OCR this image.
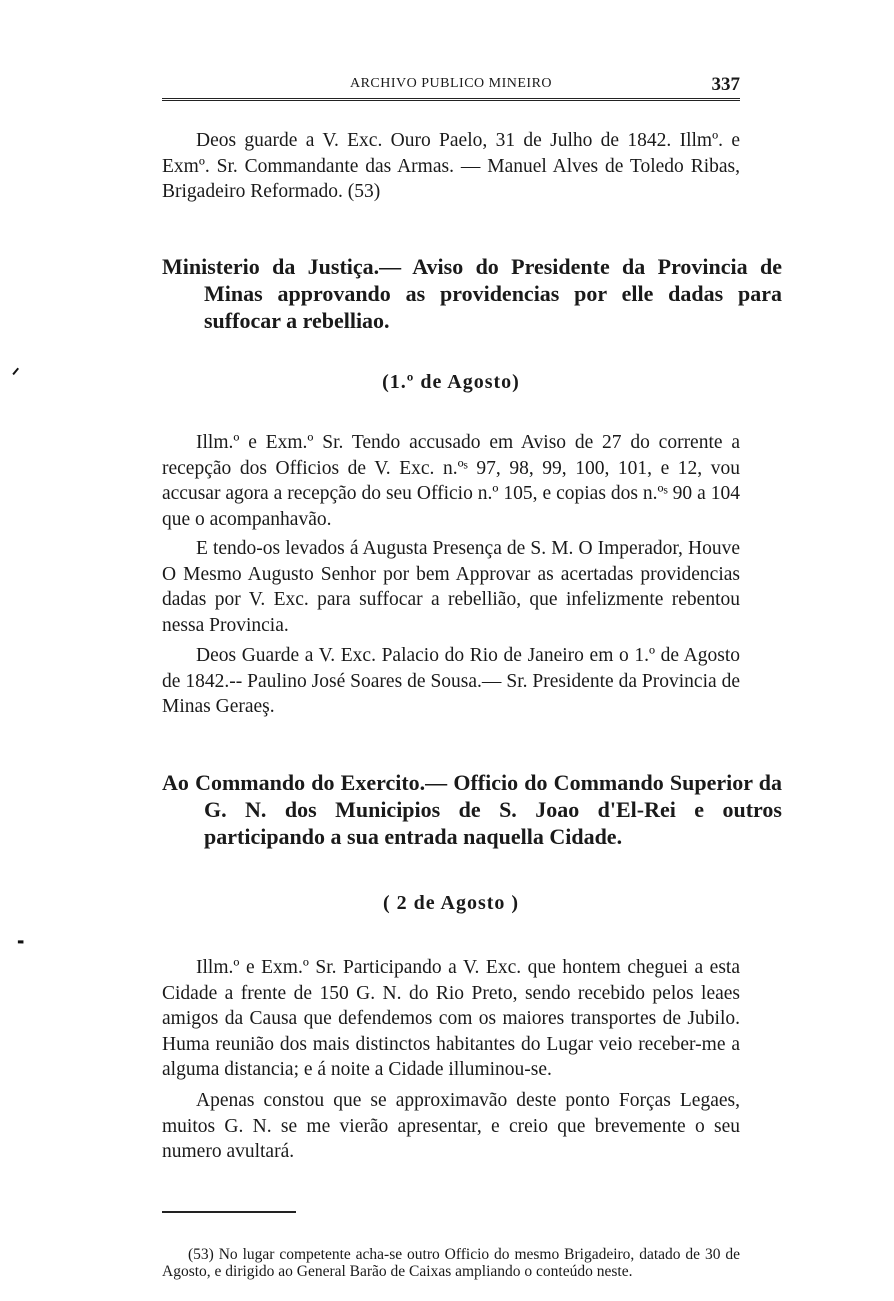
ARCHIVO PUBLICO MINEIRO	337

Deos guarde a V. Exc. Ouro Paelo, 31 de Julho de 1842. Illmº. e Exmº. Sr. Commandante das Armas. — Manuel Alves de Toledo Ribas, Brigadeiro Reformado. (53)

Ministerio da Justiça.— Aviso do Presidente da Provincia de Minas approvando as providencias por elle dadas para suffocar a rebelliao.

(1.º de Agosto)

Illm.º e Exm.º Sr. Tendo accusado em Aviso de 27 do corrente a recepção dos Officios de V. Exc. n.ºˢ 97, 98, 99, 100, 101, e 12, vou accusar agora a recepção do seu Officio n.º 105, e copias dos n.ºˢ 90 a 104 que o acompanhavão.

E tendo-os levados á Augusta Presença de S. M. O Imperador, Houve O Mesmo Augusto Senhor por bem Approvar as acertadas providencias dadas por V. Exc. para suffocar a rebellião, que infelizmente rebentou nessa Provincia.

Deos Guarde a V. Exc. Palacio do Rio de Janeiro em o 1.º de Agosto de 1842.-- Paulino José Soares de Sousa.— Sr. Presidente da Provincia de Minas Geraeş.

Ao Commando do Exercito.— Officio do Commando Superior da G. N. dos Municipios de S. Joao d'El-Rei e outros participando a sua entrada naquella Cidade.

( 2 de Agosto )

Illm.º e Exm.º Sr. Participando a V. Exc. que hontem cheguei a esta Cidade a frente de 150 G. N. do Rio Preto, sendo recebido pelos leaes amigos da Causa que defendemos com os maiores transportes de Jubilo. Huma reunião dos mais distinctos habitantes do Lugar veio receber-me a alguma distancia; e á noite a Cidade illuminou-se.

Apenas constou que se approximavão deste ponto Forças Legaes, muitos G. N. se me vierão apresentar, e creio que brevemente o seu numero avultará.

(53) No lugar competente acha-se outro Officio do mesmo Brigadeiro, datado de 30 de Agosto, e dirigido ao General Barão de Caixas ampliando o conteúdo neste.

ᐟ
╸
